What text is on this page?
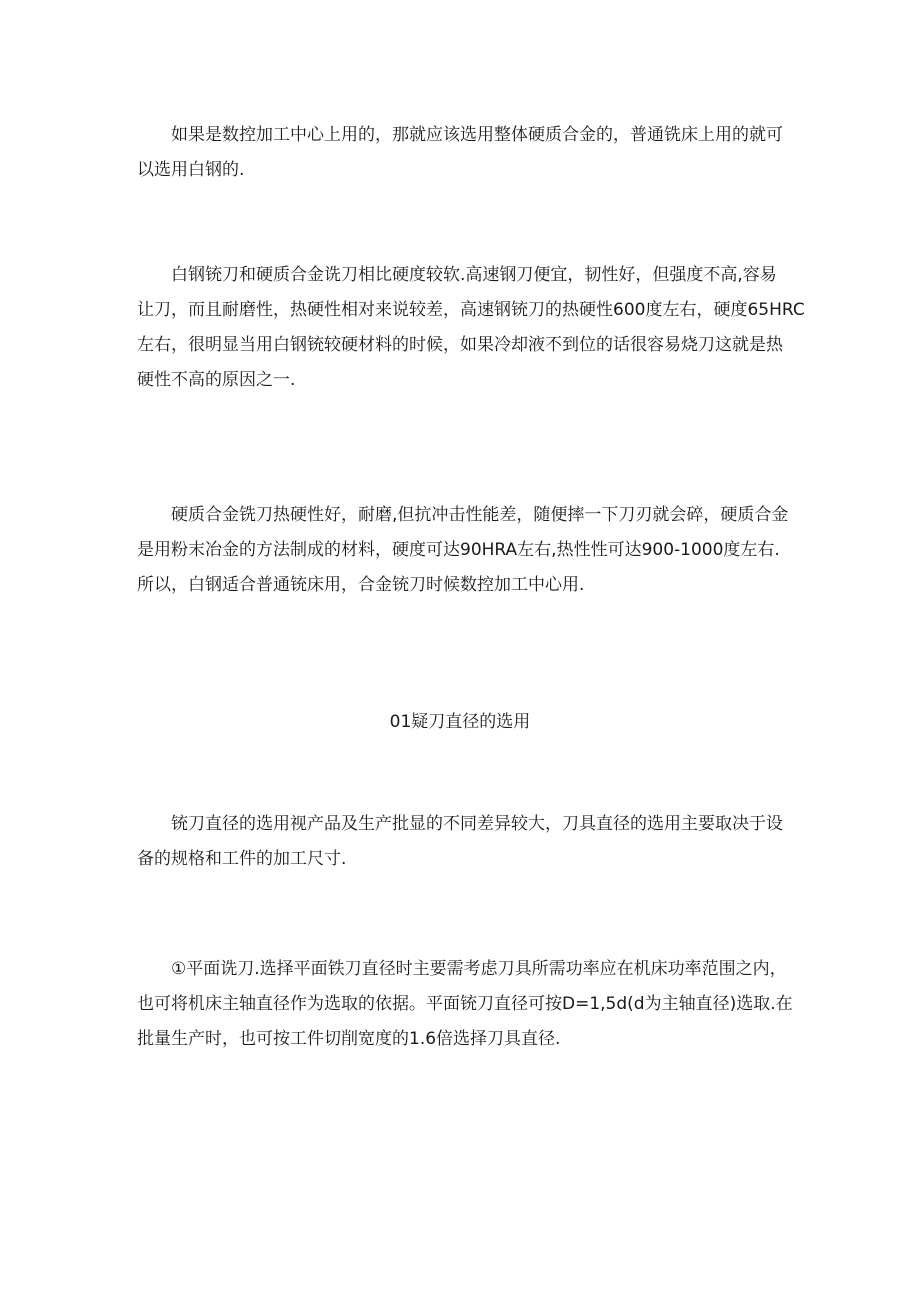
如果是数控加工中心上用的，那就应该选用整体硬质合金的，普通铣床上用的就可
以选用白钢的.
白钢铳刀和硬质合金诜刀相比硬度较软.高速钢刀便宜，韧性好，但强度不高,容易
让刀，而且耐磨性，热硬性相对来说较差，高速钢铳刀的热硬性600度左右，硬度65HRC
左右，很明显当用白钢铳较硬材料的时候，如果冷却液不到位的话很容易烧刀这就是热
硬性不高的原因之一.
硬质合金铣刀热硬性好，耐磨,但抗冲击性能差，随便摔一下刀刃就会碎，硬质合金
是用粉末冶金的方法制成的材料，硬度可达90HRA左右,热性性可达900-1000度左右.
所以，白钢适合普通铳床用，合金铳刀时候数控加工中心用.
01疑刀直径的选用
铳刀直径的选用视产品及生产批显的不同差异较大，刀具直径的选用主要取决于设
备的规格和工件的加工尺寸.
①平面诜刀.选择平面铁刀直径时主要需考虑刀具所需功率应在机床功率范围之内，
也可将机床主轴直径作为选取的依据。平面铳刀直径可按D=1,5d(d为主轴直径)选取.在
批量生产时，也可按工件切削宽度的1.6倍选择刀具直径.
